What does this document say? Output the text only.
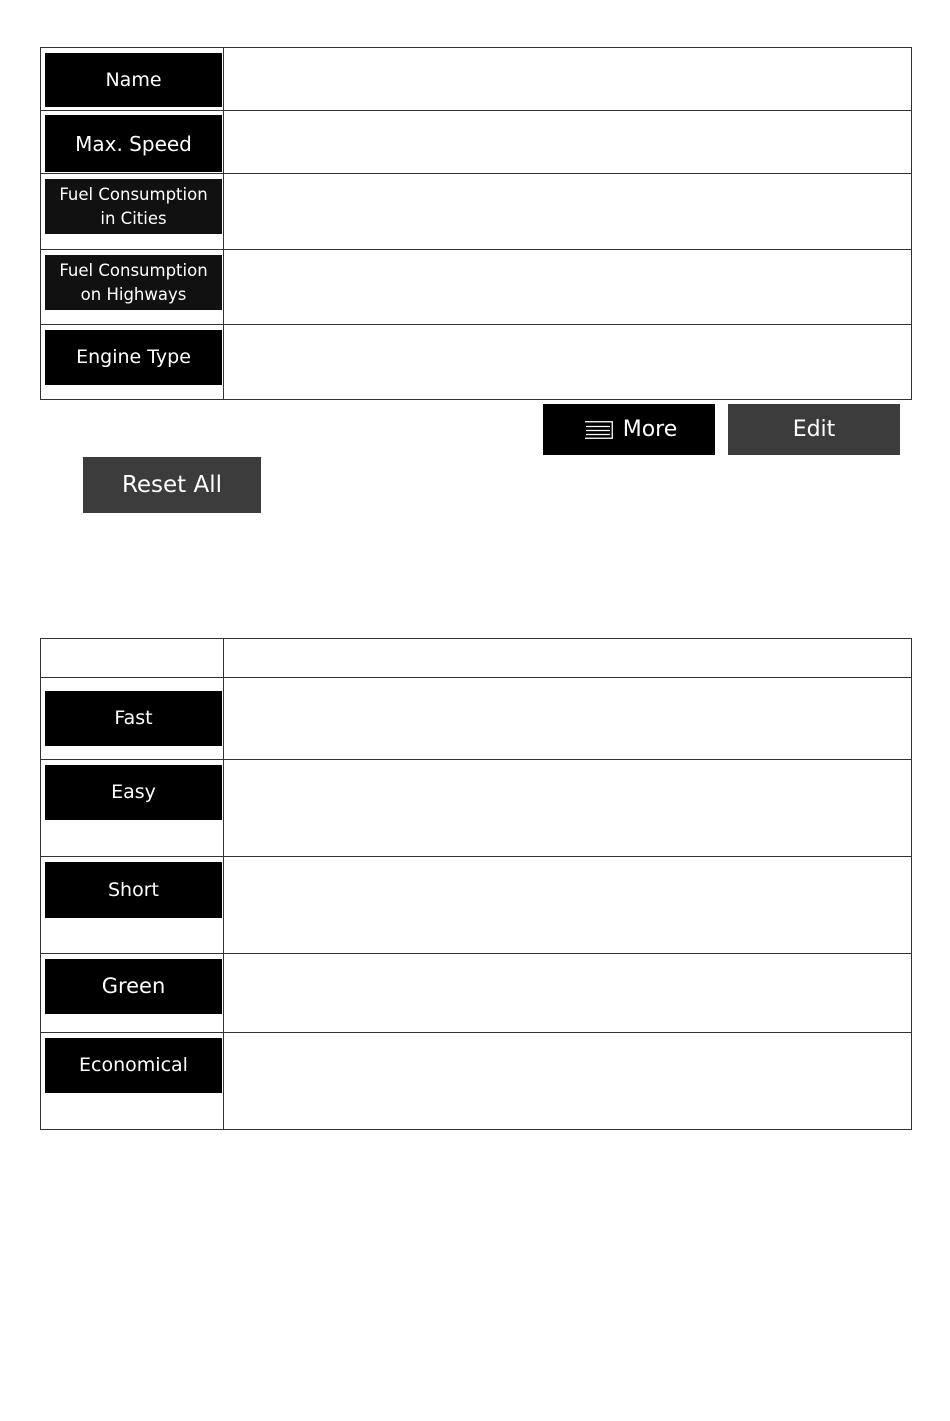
Name	

Max. Speed	

Fuel Consumption
in Cities	

Fuel Consumption
on Highways	

Engine Type	

More	Edit
Reset All

Fast	

Easy	

Short	

Green	

Economical	
